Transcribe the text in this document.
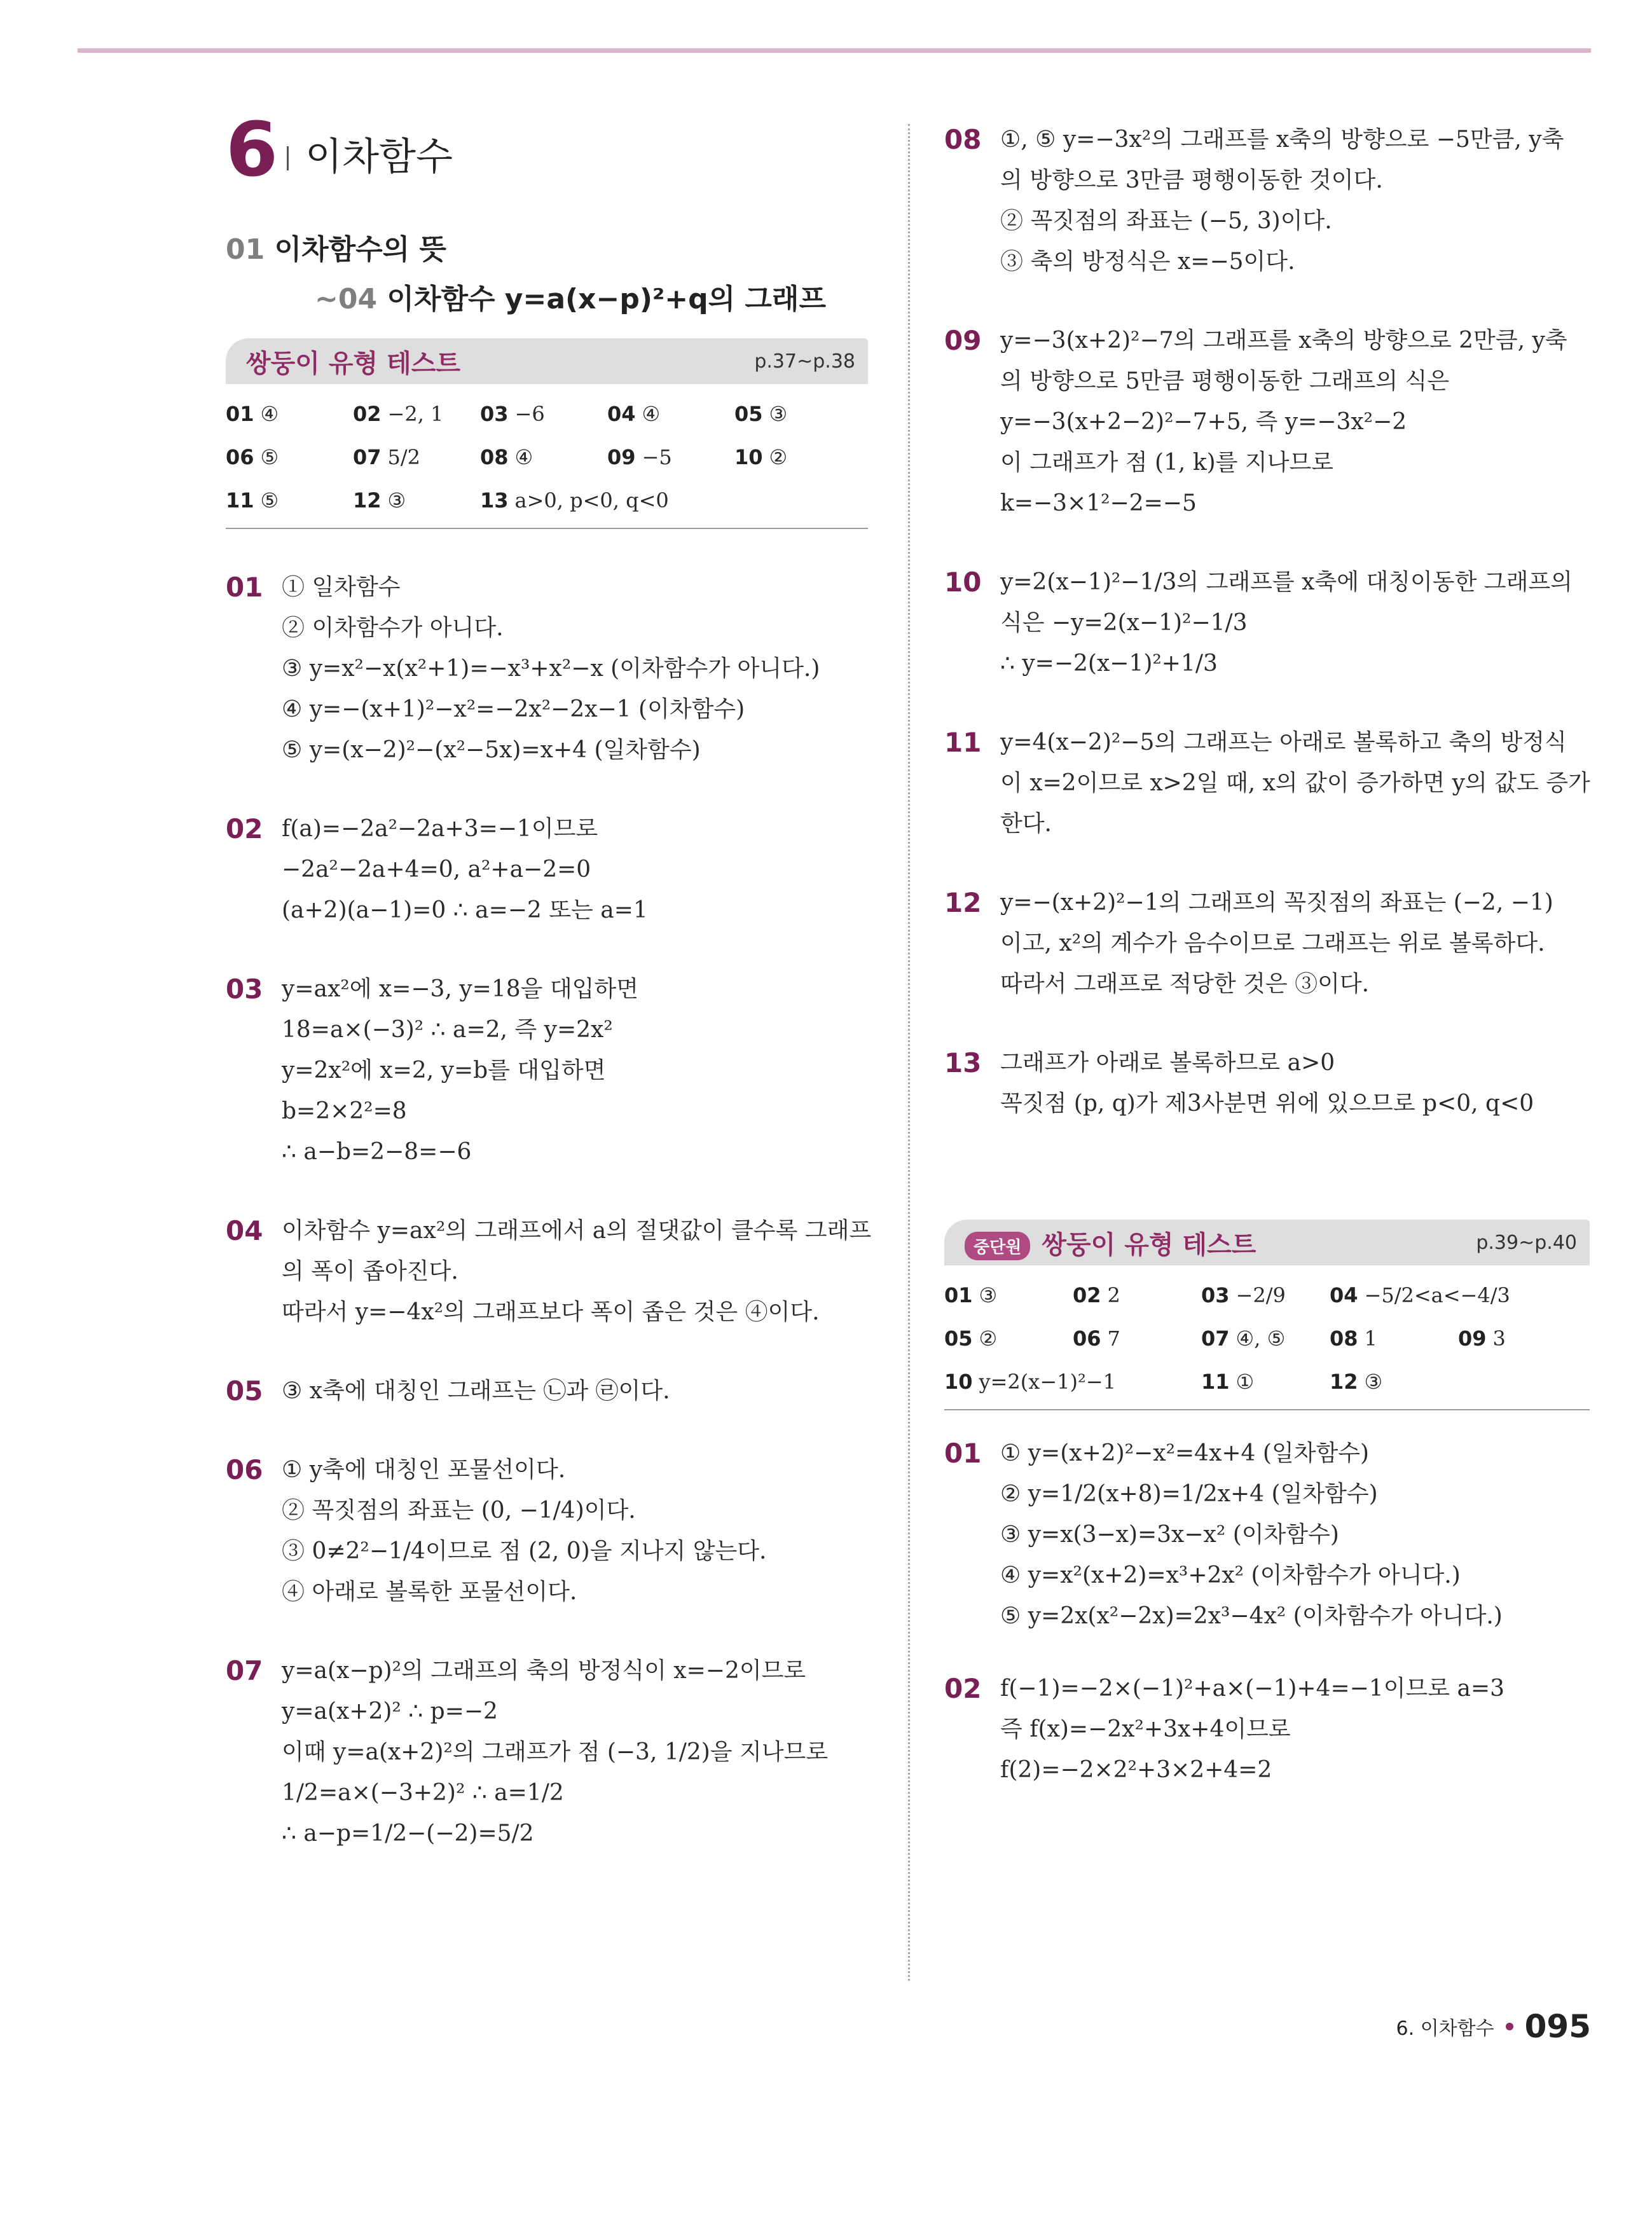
6 이차함수
01 이차함수의 뜻
~04 이차함수 y=a(x−p)²+q의 그래프
쌍둥이 유형 테스트	p.37~p.38
01 ④	02 −2, 1	03 −6	04 ④	05 ③
06 ⑤	07 5/2	08 ④	09 −5	10 ②
11 ⑤	12 ③	13 a>0, p<0, q<0
01 ① 일차함수
② 이차함수가 아니다.
③ y=x²−x(x²+1)=−x³+x²−x (이차함수가 아니다.)
④ y=−(x+1)²−x²=−2x²−2x−1 (이차함수)
⑤ y=(x−2)²−(x²−5x)=x+4 (일차함수)
02 f(a)=−2a²−2a+3=−1이므로
−2a²−2a+4=0, a²+a−2=0
(a+2)(a−1)=0 ∴ a=−2 또는 a=1
03 y=ax²에 x=−3, y=18을 대입하면
18=a×(−3)² ∴ a=2, 즉 y=2x²
y=2x²에 x=2, y=b를 대입하면
b=2×2²=8
∴ a−b=2−8=−6
04 이차함수 y=ax²의 그래프에서 a의 절댓값이 클수록 그래프
의 폭이 좁아진다.
따라서 y=−4x²의 그래프보다 폭이 좁은 것은 ④이다.
05 ③ x축에 대칭인 그래프는 ㉡과 ㉣이다.
06 ① y축에 대칭인 포물선이다.
② 꼭짓점의 좌표는 (0, −1/4)이다.
③ 0≠2²−1/4이므로 점 (2, 0)을 지나지 않는다.
④ 아래로 볼록한 포물선이다.
07 y=a(x−p)²의 그래프의 축의 방정식이 x=−2이므로
y=a(x+2)² ∴ p=−2
이때 y=a(x+2)²의 그래프가 점 (−3, 1/2)을 지나므로
1/2=a×(−3+2)² ∴ a=1/2
∴ a−p=1/2−(−2)=5/2
08 ①, ⑤ y=−3x²의 그래프를 x축의 방향으로 −5만큼, y축
의 방향으로 3만큼 평행이동한 것이다.
② 꼭짓점의 좌표는 (−5, 3)이다.
③ 축의 방정식은 x=−5이다.
09 y=−3(x+2)²−7의 그래프를 x축의 방향으로 2만큼, y축
의 방향으로 5만큼 평행이동한 그래프의 식은
y=−3(x+2−2)²−7+5, 즉 y=−3x²−2
이 그래프가 점 (1, k)를 지나므로
k=−3×1²−2=−5
10 y=2(x−1)²−1/3의 그래프를 x축에 대칭이동한 그래프의
식은 −y=2(x−1)²−1/3
∴ y=−2(x−1)²+1/3
11 y=4(x−2)²−5의 그래프는 아래로 볼록하고 축의 방정식
이 x=2이므로 x>2일 때, x의 값이 증가하면 y의 값도 증가
한다.
12 y=−(x+2)²−1의 그래프의 꼭짓점의 좌표는 (−2, −1)
이고, x²의 계수가 음수이므로 그래프는 위로 볼록하다.
따라서 그래프로 적당한 것은 ③이다.
13 그래프가 아래로 볼록하므로 a>0
꼭짓점 (p, q)가 제3사분면 위에 있으므로 p<0, q<0
중단원 쌍둥이 유형 테스트	p.39~p.40
01 ③	02 2	03 −2/9	04 −5/2<a<−4/3
05 ②	06 7	07 ④, ⑤	08 1	09 3
10 y=2(x−1)²−1	11 ①	12 ③
01 ① y=(x+2)²−x²=4x+4 (일차함수)
② y=1/2(x+8)=1/2x+4 (일차함수)
③ y=x(3−x)=3x−x² (이차함수)
④ y=x²(x+2)=x³+2x² (이차함수가 아니다.)
⑤ y=2x(x²−2x)=2x³−4x² (이차함수가 아니다.)
02 f(−1)=−2×(−1)²+a×(−1)+4=−1이므로 a=3
즉 f(x)=−2x²+3x+4이므로
f(2)=−2×2²+3×2+4=2
6. 이차함수 095
